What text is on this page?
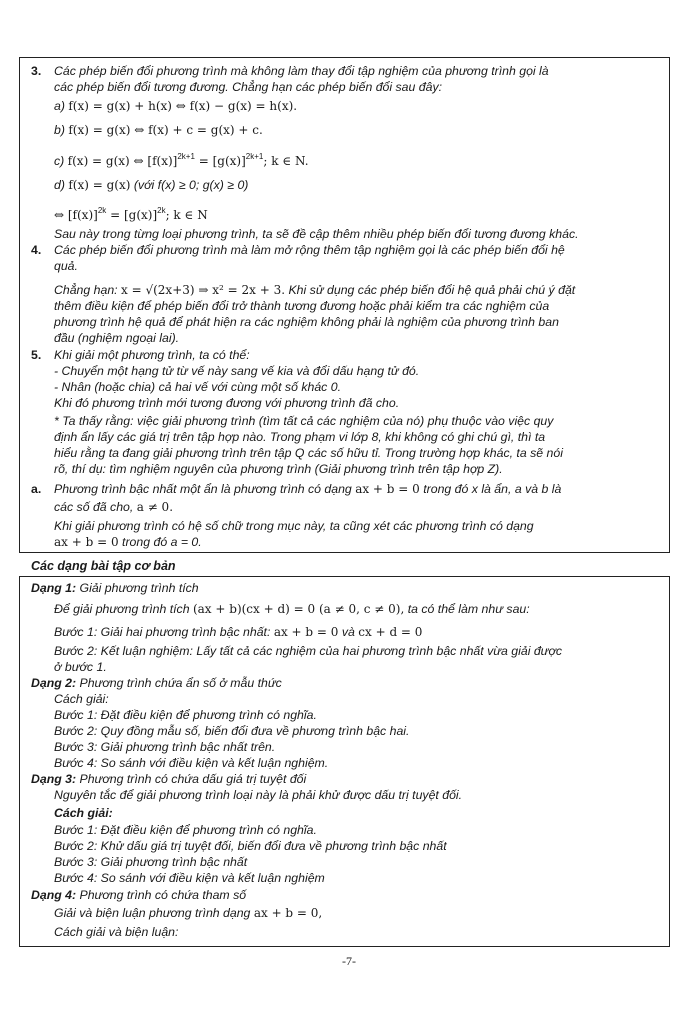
3. Các phép biến đổi phương trình mà không làm thay đổi tập nghiệm của phương trình gọi là
các phép biến đổi tương đương. Chẳng hạn các phép biến đổi sau đây:
a) f(x) = g(x) + h(x) ⇔ f(x) − g(x) = h(x).
b) f(x) = g(x) ⇔ f(x) + c = g(x) + c.
c) f(x) = g(x) ⇔ $[f(x)]^{2k+1} = [g(x)]^{2k+1}$; k ∈ N.
d) f(x) = g(x) (với f(x) ≥ 0; g(x) ≥ 0)
⇔ $[f(x)]^{2k} = [g(x)]^{2k}$; k ∈ N
Sau này trong từng loại phương trình, ta sẽ đề cập thêm nhiều phép biến đổi tương đương khác.
4. Các phép biến đổi phương trình mà làm mở rộng thêm tập nghiệm gọi là các phép biến đổi hệ
quả.
Chẳng hạn: x = √(2x+3) ⇒ x² = 2x + 3. Khi sử dụng các phép biến đổi hệ quả phải chú ý đặt
thêm điều kiện để phép biến đổi trở thành tương đương hoặc phải kiểm tra các nghiệm của
phương trình hệ quả để phát hiện ra các nghiệm không phải là nghiệm của phương trình ban
đầu (nghiệm ngoại lai).
5. Khi giải một phương trình, ta có thể:
- Chuyển một hạng tử từ vế này sang vế kia và đổi dấu hạng tử đó.
- Nhân (hoặc chia) cả hai vế với cùng một số khác 0.
Khi đó phương trình mới tương đương với phương trình đã cho.
* Ta thấy rằng: việc giải phương trình (tìm tất cả các nghiệm của nó) phụ thuộc vào việc quy
định ẩn lấy các giá trị trên tập hợp nào. Trong phạm vi lớp 8, khi không có ghi chú gì, thì ta
hiểu rằng ta đang giải phương trình trên tập Q các số hữu tỉ. Trong trường hợp khác, ta sẽ nói
rõ, thí dụ: tìm nghiệm nguyên của phương trình (Giải phương trình trên tập hợp Z).
a. Phương trình bậc nhất một ẩn là phương trình có dạng ax + b = 0 trong đó x là ẩn, a và b là
các số đã cho, a ≠ 0.
Khi giải phương trình có hệ số chữ trong mục này, ta cũng xét các phương trình có dạng
ax + b = 0 trong đó a = 0.
Các dạng bài tập cơ bản
Dạng 1: Giải phương trình tích
Để giải phương trình tích (ax + b)(cx + d) = 0 (a ≠ 0, c ≠ 0), ta có thể làm như sau:
Bước 1: Giải hai phương trình bậc nhất: ax + b = 0 và cx + d = 0
Bước 2: Kết luận nghiệm: Lấy tất cả các nghiệm của hai phương trình bậc nhất vừa giải được
ở bước 1.
Dạng 2: Phương trình chứa ẩn số ở mẫu thức
Cách giải:
Bước 1: Đặt điều kiện để phương trình có nghĩa.
Bước 2: Quy đồng mẫu số, biến đổi đưa về phương trình bậc hai.
Bước 3: Giải phương trình bậc nhất trên.
Bước 4: So sánh với điều kiện và kết luận nghiệm.
Dạng 3: Phương trình có chứa dấu giá trị tuyệt đối
Nguyên tắc để giải phương trình loại này là phải khử được dấu trị tuyệt đối.
Cách giải:
Bước 1: Đặt điều kiện để phương trình có nghĩa.
Bước 2: Khử dấu giá trị tuyệt đối, biến đổi đưa về phương trình bậc nhất
Bước 3: Giải phương trình bậc nhất
Bước 4: So sánh với điều kiện và kết luận nghiệm
Dạng 4: Phương trình có chứa tham số
Giải và biện luận phương trình dạng ax + b = 0,
Cách giải và biện luận:
-7-
